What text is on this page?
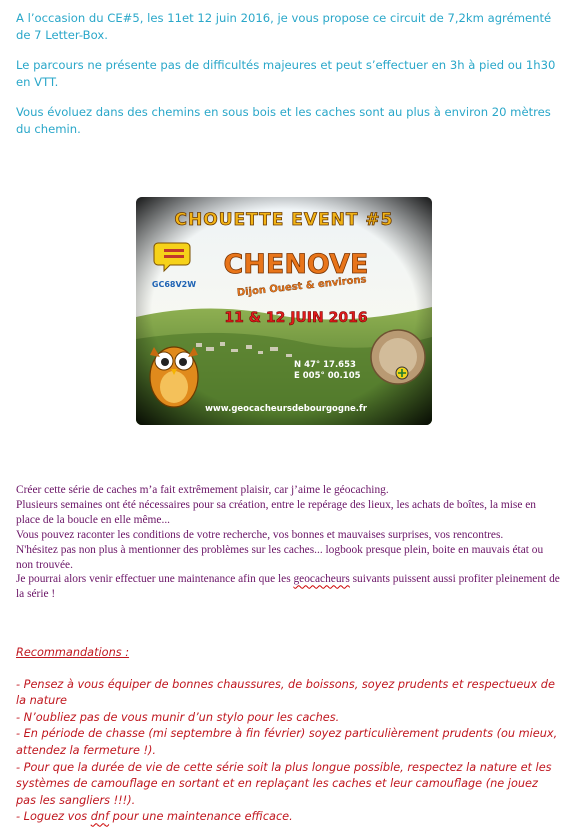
A l’occasion du CE#5, les 11et 12 juin 2016, je vous propose ce circuit de 7,2km agrémenté de 7 Letter-Box.

Le parcours ne présente pas de difficultés majeures et peut s’effectuer en 3h à pied ou 1h30 en VTT.

Vous évoluez dans des chemins en sous bois et les caches sont au plus à environ 20 mètres du chemin.

CHOUETTE EVENT #5
GC68V2W
CHENOVE
Dijon Ouest & environs
11 & 12 JUIN 2016
N 47° 17.653
E 005° 00.105
www.geocacheursdebourgogne.fr

Créer cette série de caches m’a fait extrêmement plaisir, car j’aime le géocaching.

Plusieurs semaines ont été nécessaires pour sa création, entre le repérage des lieux, les achats de boîtes, la mise en place de la boucle en elle même...

Vous pouvez raconter les conditions de votre recherche, vos bonnes et mauvaises surprises, vos rencontres.

N'hésitez pas non plus à mentionner des problèmes sur les caches... logbook presque plein, boite en mauvais état ou non trouvée.

Je pourrai alors venir effectuer une maintenance afin que les geocacheurs suivants puissent aussi profiter pleinement de la série !

Recommandations :

- Pensez à vous équiper de bonnes chaussures, de boissons, soyez prudents et respectueux de la nature

- N’oubliez pas de vous munir d’un stylo pour les caches.

- En période de chasse (mi septembre à fin février) soyez particulièrement prudents (ou mieux, attendez la fermeture !).

- Pour que la durée de vie de cette série soit la plus longue possible, respectez la nature et les systèmes de camouflage en sortant et en replaçant les caches et leur camouflage (ne jouez pas les sangliers !!!).

- Loguez vos dnf pour une maintenance efficace.
